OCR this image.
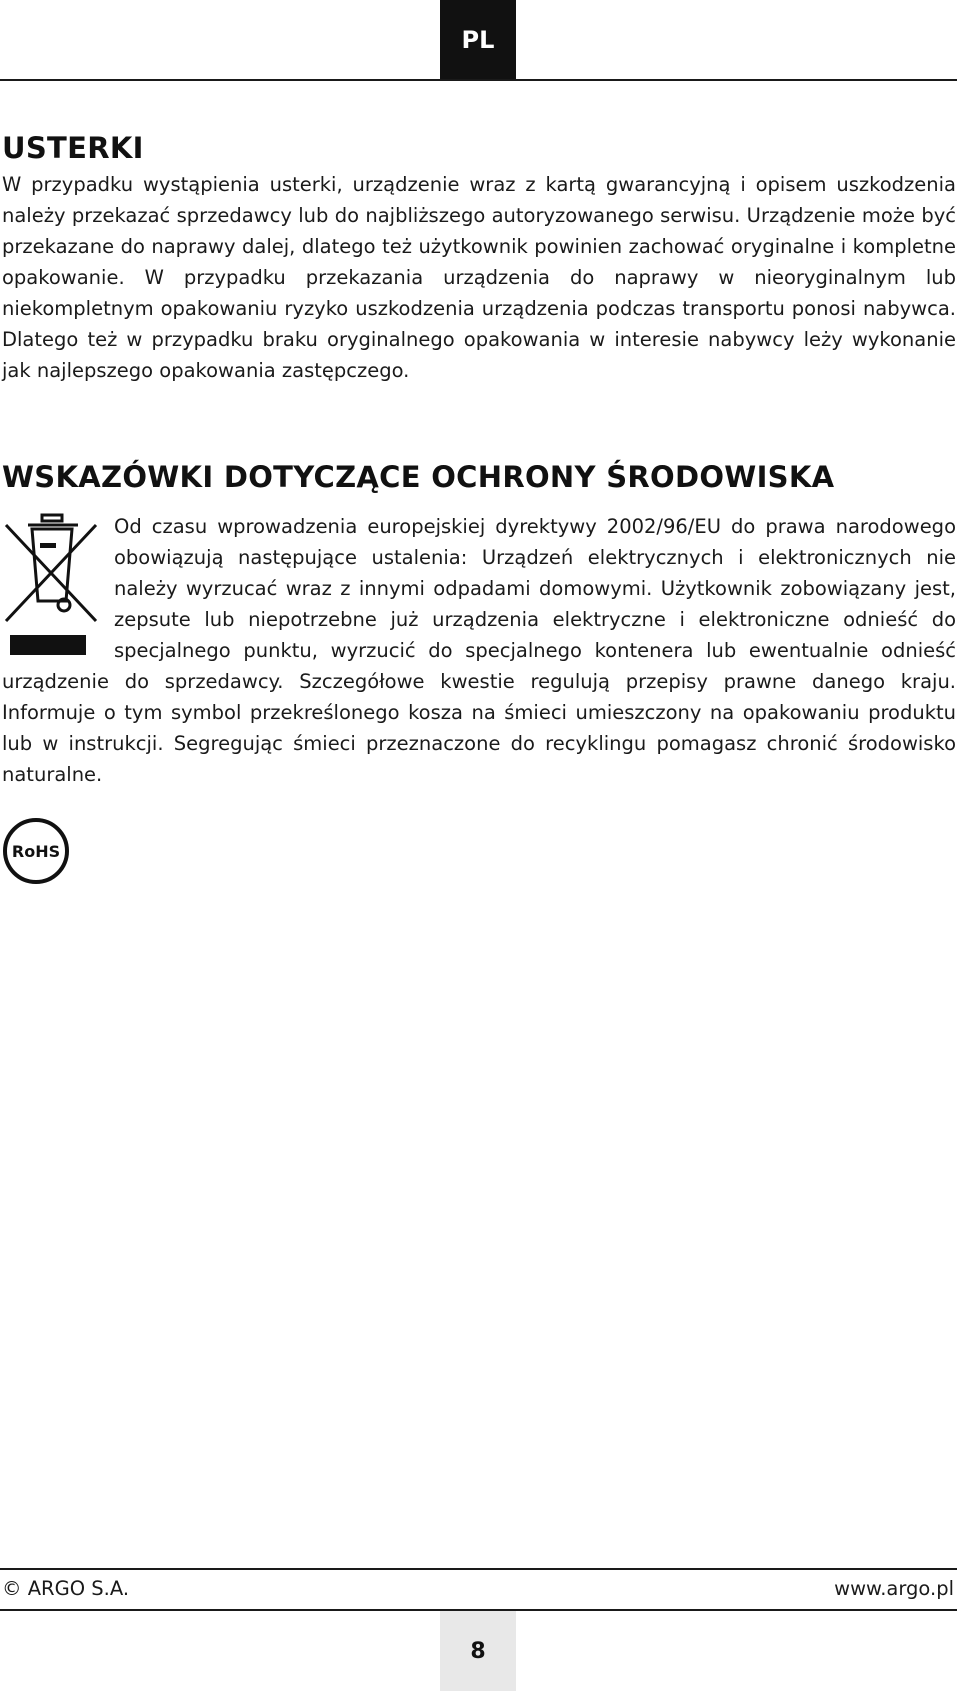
PL
USTERKI

W przypadku wystąpienia usterki, urządzenie wraz z kartą gwarancyjną i opisem uszkodzenia należy przekazać sprzedawcy lub do najbliższego autoryzowanego serwisu. Urządzenie może być przekazane do naprawy dalej, dlatego też użytkownik powinien zachować oryginalne i kompletne opakowanie. W przypadku przekazania urządzenia do naprawy w nieoryginalnym lub niekompletnym opakowaniu ryzyko uszkodzenia urządzenia podczas transportu ponosi nabywca. Dlatego też w przypadku braku oryginalnego opakowania w interesie nabywcy leży wykonanie jak najlepszego opakowania zastępczego.

WSKAZÓWKI DOTYCZĄCE OCHRONY ŚRODOWISKA

Od czasu wprowadzenia europejskiej dyrektywy 2002/96/EU do prawa narodowego obowiązują następujące ustalenia: Urządzeń elektrycznych i elektronicznych nie należy wyrzucać wraz z innymi odpadami domowymi. Użytkownik zobowiązany jest, zepsute lub niepotrzebne już urządzenia elektryczne i elektroniczne odnieść do specjalnego punktu, wyrzucić do specjalnego kontenera lub ewentualnie odnieść urządzenie do sprzedawcy. Szczegółowe kwestie regulują przepisy prawne danego kraju. Informuje o tym symbol przekreślonego kosza na śmieci umieszczony na opakowaniu produktu lub w instrukcji. Segregując śmieci przeznaczone do recyklingu pomagasz chronić środowisko naturalne.

RoHS
© ARGO S.A.	www.argo.pl
8
